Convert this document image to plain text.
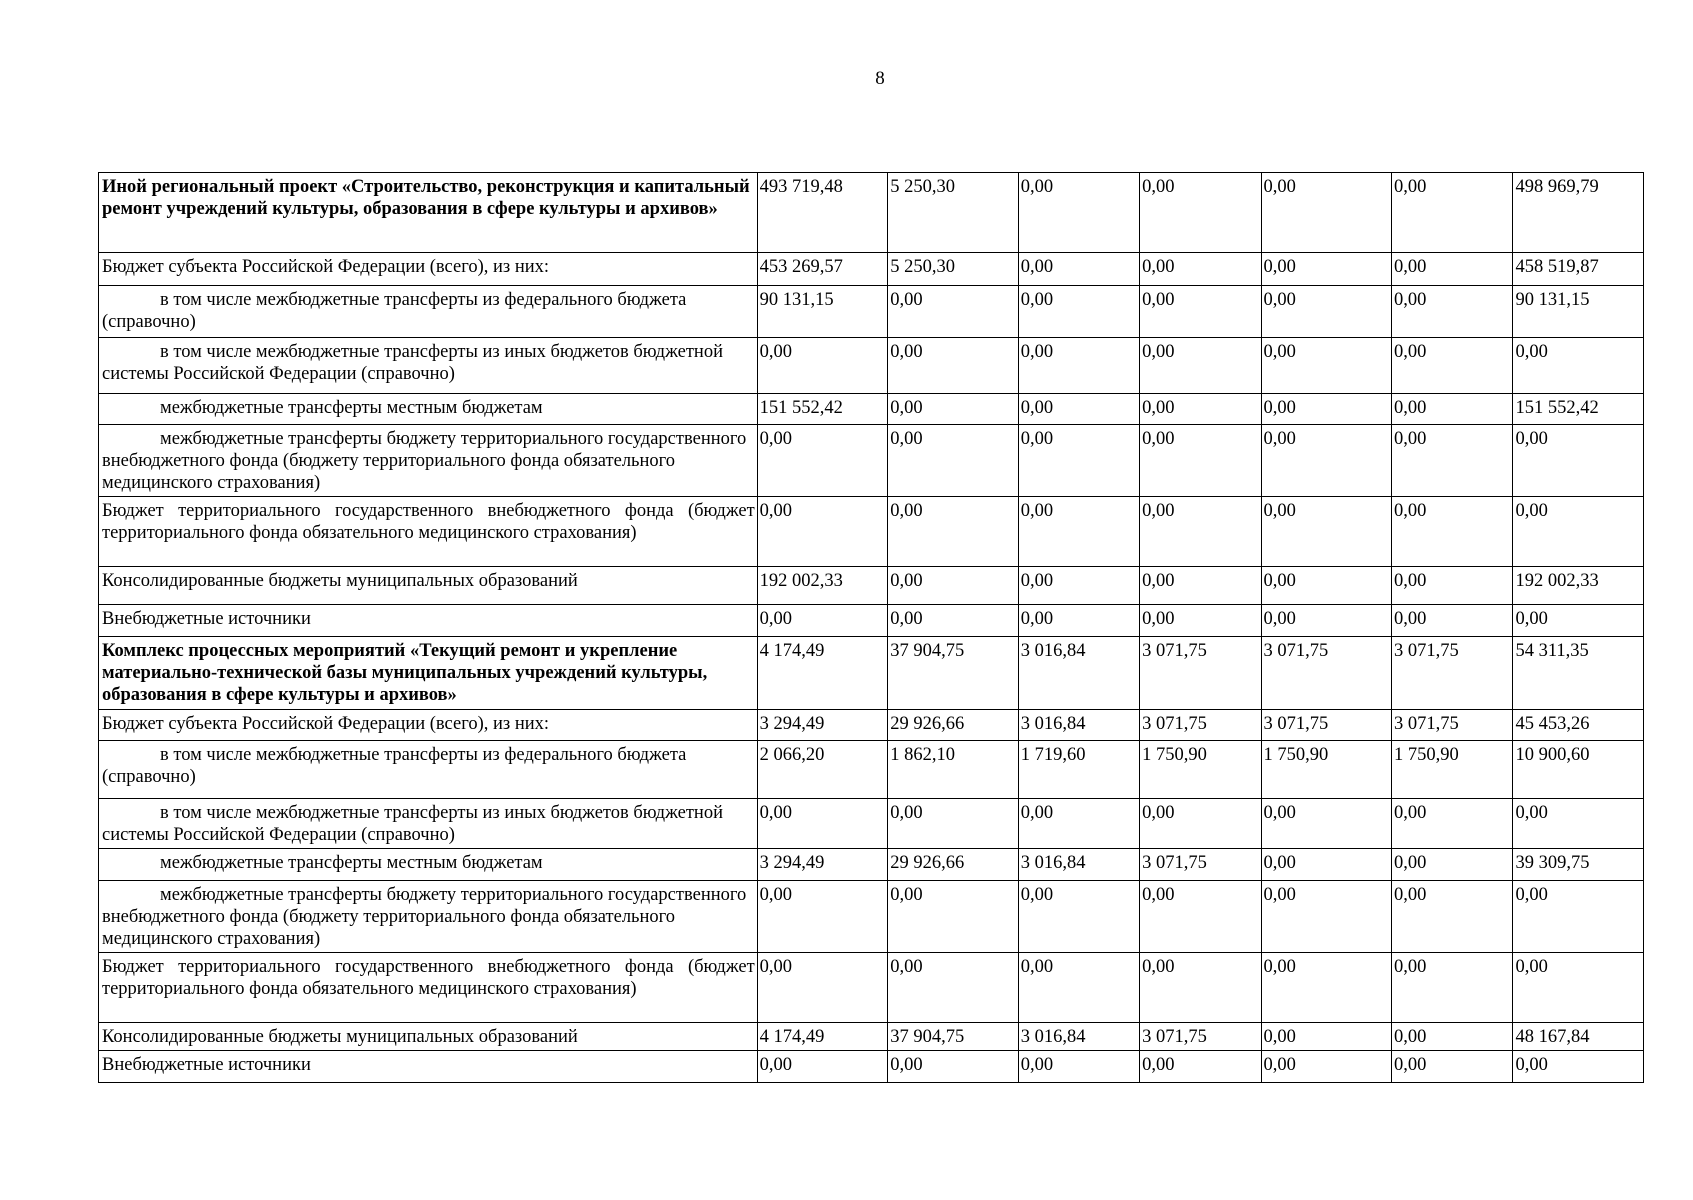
8
Иной региональный проект «Строительство, реконструкция и капитальный ремонт учреждений культуры, образования в сфере культуры и архивов»	493 719,48	5 250,30	0,00	0,00	0,00	0,00	498 969,79
Бюджет субъекта Российской Федерации (всего), из них:	453 269,57	5 250,30	0,00	0,00	0,00	0,00	458 519,87

в том числе межбюджетные трансферты из федерального бюджета (справочно)	90 131,15	0,00	0,00	0,00	0,00	0,00	90 131,15

в том числе межбюджетные трансферты из иных бюджетов бюджетной системы Российской Федерации (справочно)	0,00	0,00	0,00	0,00	0,00	0,00	0,00

межбюджетные трансферты местным бюджетам	151 552,42	0,00	0,00	0,00	0,00	0,00	151 552,42

межбюджетные трансферты бюджету территориального государственного внебюджетного фонда (бюджету территориального фонда обязательного медицинского страхования)	0,00	0,00	0,00	0,00	0,00	0,00	0,00

Бюджет территориального государственного внебюджетного фонда (бюджет территориального фонда обязательного медицинского страхования)	0,00	0,00	0,00	0,00	0,00	0,00	0,00
Консолидированные бюджеты муниципальных образований	192 002,33	0,00	0,00	0,00	0,00	0,00	192 002,33
Внебюджетные источники	0,00	0,00	0,00	0,00	0,00	0,00	0,00
Комплекс процессных мероприятий «Текущий ремонт и укрепление материально-технической базы муниципальных учреждений культуры, образования в сфере культуры и архивов»	4 174,49	37 904,75	3 016,84	3 071,75	3 071,75	3 071,75	54 311,35
Бюджет субъекта Российской Федерации (всего), из них:	3 294,49	29 926,66	3 016,84	3 071,75	3 071,75	3 071,75	45 453,26

в том числе межбюджетные трансферты из федерального бюджета (справочно)	2 066,20	1 862,10	1 719,60	1 750,90	1 750,90	1 750,90	10 900,60

в том числе межбюджетные трансферты из иных бюджетов бюджетной системы Российской Федерации (справочно)	0,00	0,00	0,00	0,00	0,00	0,00	0,00

межбюджетные трансферты местным бюджетам	3 294,49	29 926,66	3 016,84	3 071,75	0,00	0,00	39 309,75

межбюджетные трансферты бюджету территориального государственного внебюджетного фонда (бюджету территориального фонда обязательного медицинского страхования)	0,00	0,00	0,00	0,00	0,00	0,00	0,00

Бюджет территориального государственного внебюджетного фонда (бюджет территориального фонда обязательного медицинского страхования)	0,00	0,00	0,00	0,00	0,00	0,00	0,00
Консолидированные бюджеты муниципальных образований	4 174,49	37 904,75	3 016,84	3 071,75	0,00	0,00	48 167,84
Внебюджетные источники	0,00	0,00	0,00	0,00	0,00	0,00	0,00
